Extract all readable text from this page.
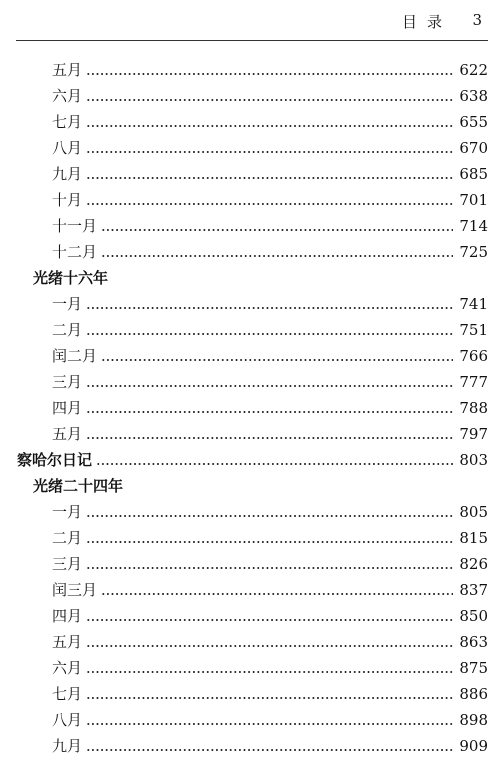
目录 3
五月	622
六月	638
七月	655
八月	670
九月	685
十月	701
十一月	714
十二月	725
光绪十六年
一月	741
二月	751
闰二月	766
三月	777
四月	788
五月	797
察哈尔日记	803
光绪二十四年
一月	805
二月	815
三月	826
闰三月	837
四月	850
五月	863
六月	875
七月	886
八月	898
九月	909
